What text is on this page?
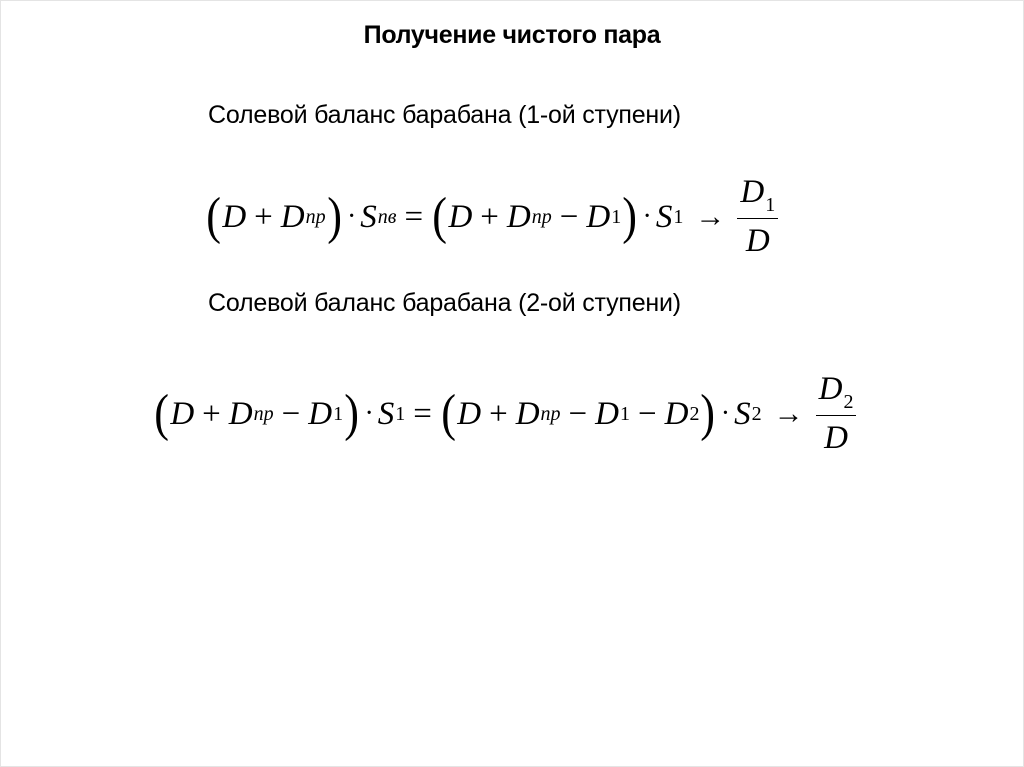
Получение чистого пара
Солевой баланс барабана (1-ой ступени)
( D + D пр ) · S пв = ( D + D пр − D 1 ) · S $1 \to \frac{D_1}{D}$
Солевой баланс барабана (2-ой ступени)
( D + D пр − D 1 ) · S 1 = ( D + D пр − D 1 − D 2 ) · S $2 \to \frac{D_2}{D}$
